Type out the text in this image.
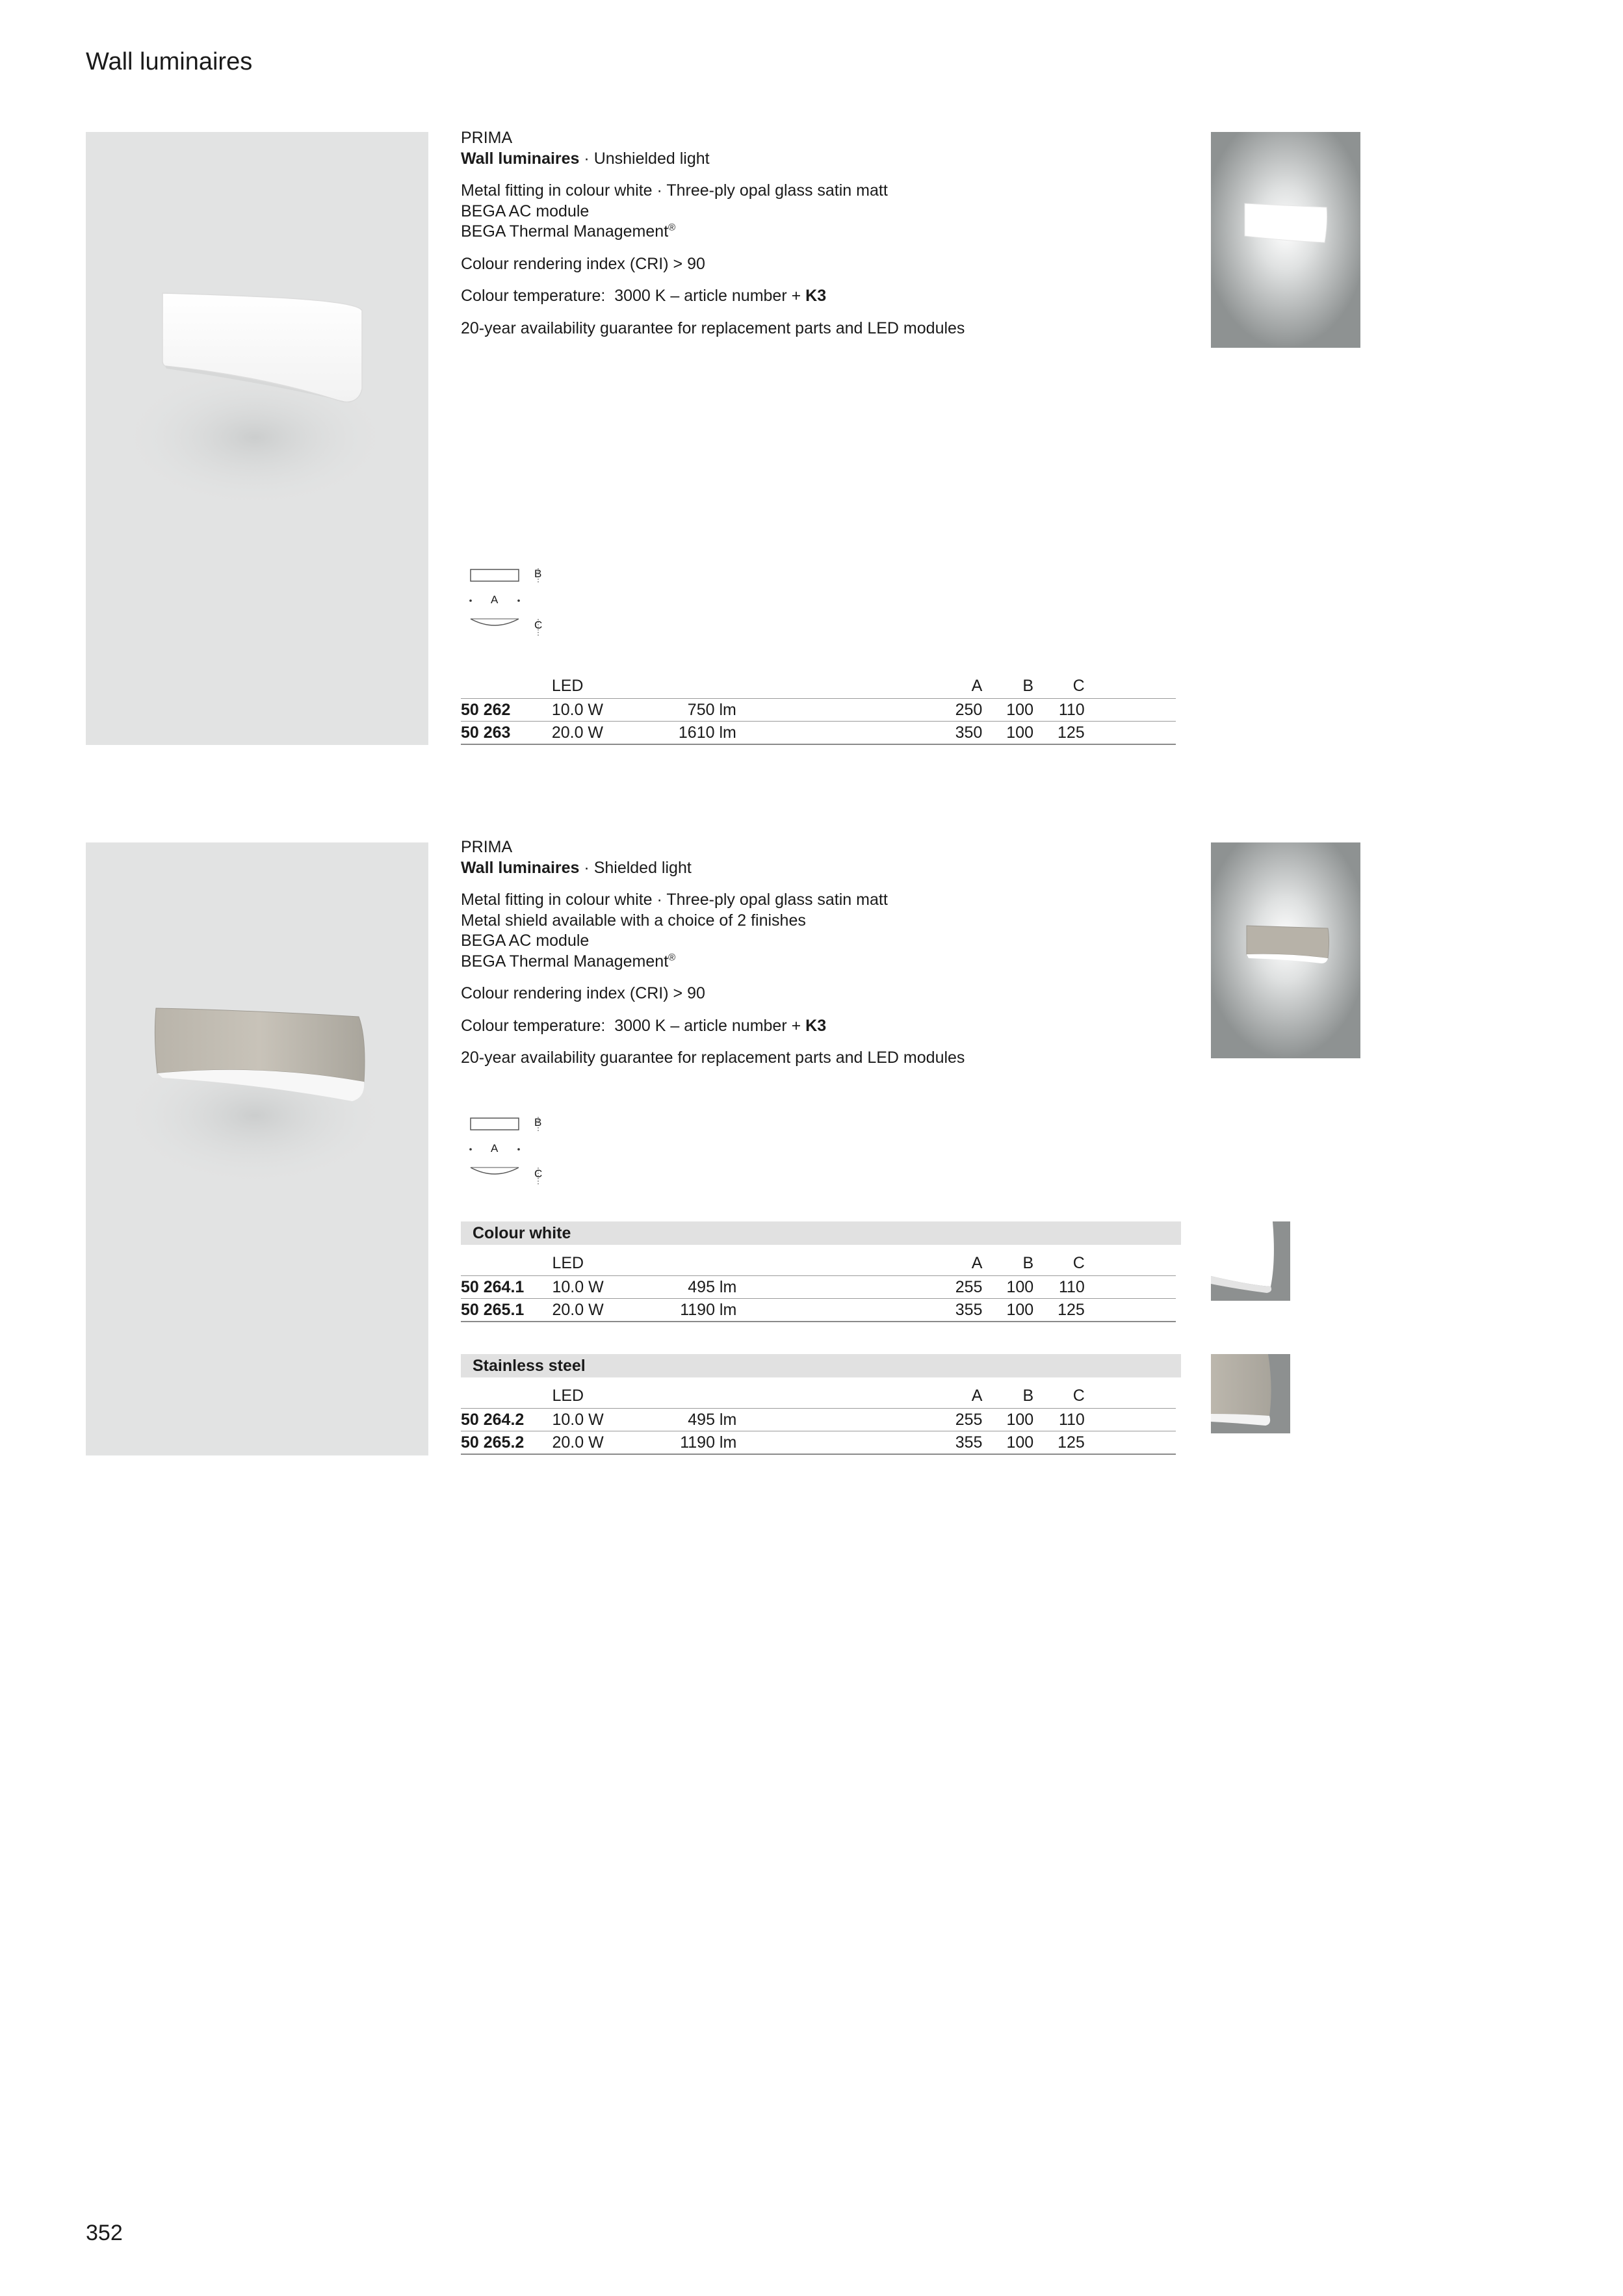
Wall luminaires

PRIMA

Wall luminaires · Unshielded light

Metal fitting in colour white · Three-ply opal glass satin matt

BEGA AC module

BEGA Thermal Management®

Colour rendering index (CRI) > 90

Colour temperature:  3000 K – article number + K3

20-year availability guarantee for replacement parts and LED modules

B
A
C
	LED				A	B	C	
50 262	10.0 W	750 lm			250	100	110	
50 263	20.0 W	1610 lm			350	100	125	

PRIMA

Wall luminaires · Shielded light

Metal fitting in colour white · Three-ply opal glass satin matt

Metal shield available with a choice of 2 finishes

BEGA AC module

BEGA Thermal Management®

Colour rendering index (CRI) > 90

Colour temperature:  3000 K – article number + K3

20-year availability guarantee for replacement parts and LED modules

B
A
C
Colour white
	LED				A	B	C	
50 264.1	10.0 W	495 lm			255	100	110	
50 265.1	20.0 W	1190 lm			355	100	125	
Stainless steel
	LED				A	B	C	
50 264.2	10.0 W	495 lm			255	100	110	
50 265.2	20.0 W	1190 lm			355	100	125	
352
